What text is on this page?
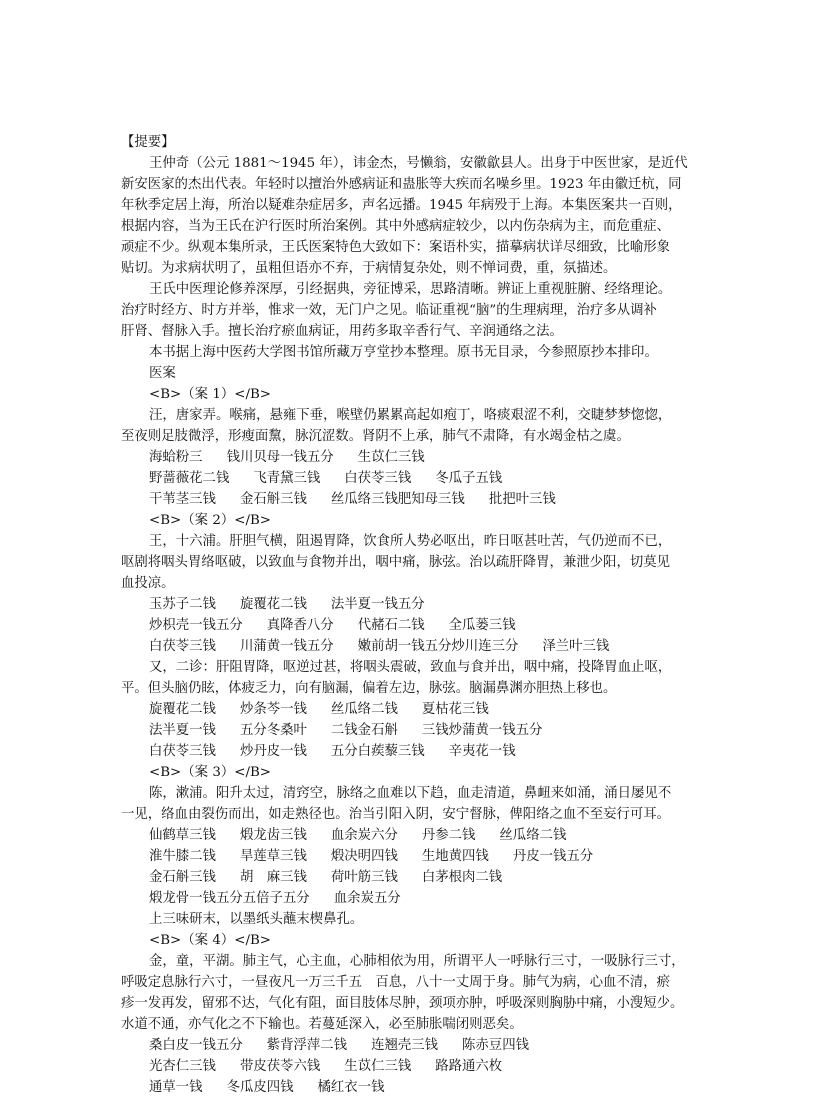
【提要】
王仲奇（公元 1881～1945 年），讳金杰，号懒翁，安徽歙县人。出身于中医世家，是近代
新安医家的杰出代表。年轻时以擅治外感病证和蛊胀等大疾而名噪乡里。1923 年由徽迁杭，同
年秋季定居上海，所治以疑难杂症居多，声名远播。1945 年病殁于上海。本集医案共一百则，
根据内容，当为王氏在沪行医时所治案例。其中外感病症较少，以内伤杂病为主，而危重症、
顽症不少。纵观本集所录，王氏医案特色大致如下：案语朴实，描摹病状详尽细致，比喻形象
贴切。为求病状明了，虽粗但语亦不弃，于病情复杂处，则不惮词费，重，氛描述。
王氏中医理论修养深厚，引经据典，旁征博采，思路清晰。辨证上重视脏腑、经络理论。
治疗时经方、时方并举，惟求一效，无门户之见。临证重视“脑”的生理病理，治疗多从调补
肝肾、督脉入手。擅长治疗瘀血病证，用药多取辛香行气、辛润通络之法。
本书据上海中医药大学图书馆所藏万亨堂抄本整理。原书无目录，今参照原抄本排印。
医案
<B>（案 1）</B>
汪，唐家弄。喉痛，悬雍下垂，喉壁仍累累高起如疱丁，咯痰艰涩不利，交睫梦梦惚惚，
至夜则足肢微浮，形瘦面黧，脉沉涩数。肾阴不上承，肺气不肃降，有水竭金枯之虞。
海蛤粉三 钱川贝母一钱五分 生苡仁三钱
野蔷薇花二钱 飞青黛三钱 白茯苓三钱 冬瓜子五钱
干苇茎三钱 金石斛三钱 丝瓜络三钱肥知母三钱 批把叶三钱
<B>（案 2）</B>
王，十六浦。肝胆气横，阻遏胃降，饮食所人势必呕出，昨日呕甚吐苦，气仍逆而不已，
呕剧将咽头胃络呕破，以致血与食物并出，咽中痛，脉弦。治以疏肝降胃，兼泄少阳，切莫见
血投凉。
玉苏子二钱 旋覆花二钱 法半夏一钱五分
炒枳壳一钱五分 真降香八分 代赭石二钱 全瓜蒌三钱
白茯苓三钱 川蒲黄一钱五分 嫩前胡一钱五分炒川连三分 泽兰叶三钱
又，二诊：肝阻胃降，呕逆过甚，将咽头震破，致血与食并出，咽中痛，投降胃血止呕，
平。但头脑仍眩，体疲乏力，向有脑漏，偏着左边，脉弦。脑漏鼻渊亦胆热上移也。
旋覆花二钱 炒条芩一钱 丝瓜络二钱 夏枯花三钱
法半夏一钱 五分冬桑叶 二钱金石斛 三钱炒蒲黄一钱五分
白茯苓三钱 炒丹皮一钱 五分白蒺藜三钱 辛夷花一钱
<B>（案 3）</B>
陈，漱浦。阳升太过，清窍空，脉络之血难以下趋，血走清道，鼻衄来如涌，涌日屡见不
一见，络血由裂伤而出，如走熟径也。治当引阳入阴，安宁督脉，俾阳络之血不至妄行可耳。
仙鹤草三钱 煅龙齿三钱 血余炭六分 丹参二钱 丝瓜络二钱
淮牛膝二钱 旱莲草三钱 煅决明四钱 生地黄四钱 丹皮一钱五分
金石斛三钱 胡　麻三钱 荷叶筋三钱 白茅根肉二钱
煅龙骨一钱五分五倍子五分 血余炭五分
上三味研末，以墨纸头蘸末楔鼻孔。
<B>（案 4）</B>
金，童，平湖。肺主气，心主血，心肺相依为用，所谓平人一呼脉行三寸，一吸脉行三寸，
呼吸定息脉行六寸，一昼夜凡一万三千五　百息，八十一丈周于身。肺气为病，心血不清，瘀
疹一发再发，留邪不达，气化有阻，面目肢体尽肿，颈项亦肿，呼吸深则胸胁中痛，小溲短少。
水道不通，亦气化之不下输也。若蔓延深入，必至肺胀喘闭则恶矣。
桑白皮一钱五分 紫背浮萍二钱 连翘壳三钱 陈赤豆四钱
光杏仁三钱 带皮茯苓六钱 生苡仁三钱 路路通六枚
通草一钱 冬瓜皮四钱 橘红衣一钱
